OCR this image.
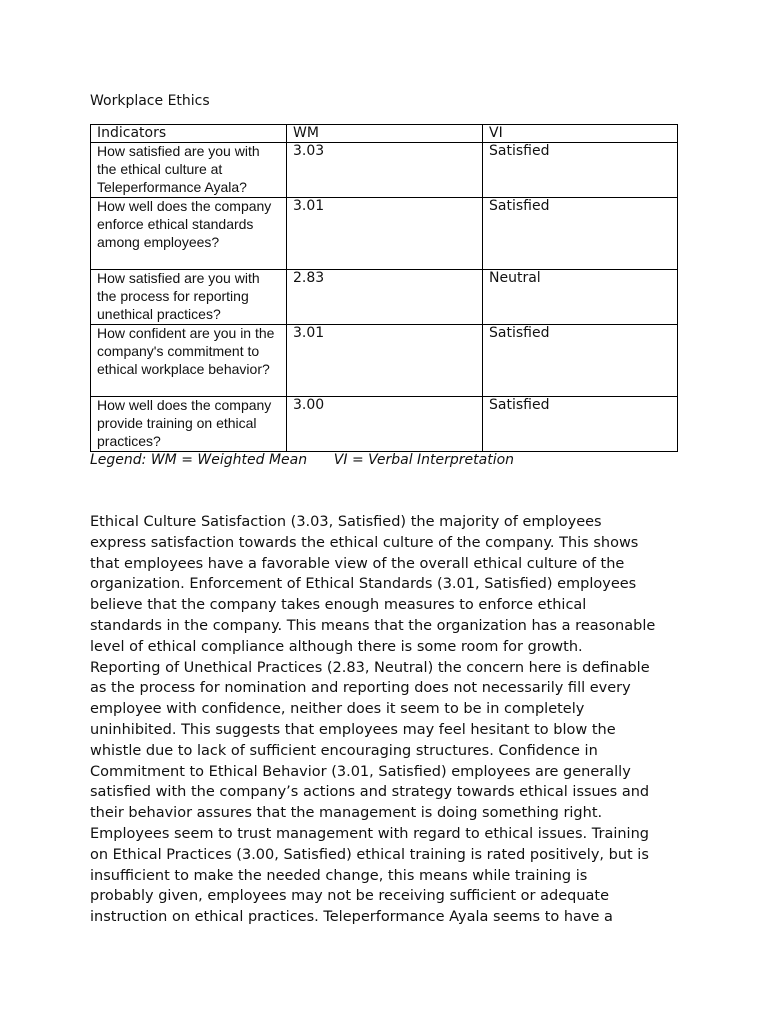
Workplace Ethics
Indicators	WM	VI
How satisfied are you with the ethical culture at Teleperformance Ayala?	3.03	Satisfied
How well does the company enforce ethical standards among employees?	3.01	Satisfied
How satisfied are you with the process for reporting unethical practices?	2.83	Neutral
How confident are you in the company's commitment to ethical workplace behavior?	3.01	Satisfied
How well does the company provide training on ethical practices?	3.00	Satisfied

Legend: WM = Weighted Mean      VI = Verbal Interpretation

Ethical Culture Satisfaction (3.03, Satisfied) the majority of employees
express satisfaction towards the ethical culture of the company. This shows
that employees have a favorable view of the overall ethical culture of the
organization. Enforcement of Ethical Standards (3.01, Satisfied) employees
believe that the company takes enough measures to enforce ethical
standards in the company. This means that the organization has a reasonable
level of ethical compliance although there is some room for growth.
Reporting of Unethical Practices (2.83, Neutral) the concern here is definable
as the process for nomination and reporting does not necessarily fill every
employee with confidence, neither does it seem to be in completely
uninhibited. This suggests that employees may feel hesitant to blow the
whistle due to lack of sufficient encouraging structures. Confidence in
Commitment to Ethical Behavior (3.01, Satisfied) employees are generally
satisfied with the company’s actions and strategy towards ethical issues and
their behavior assures that the management is doing something right.
Employees seem to trust management with regard to ethical issues. Training
on Ethical Practices (3.00, Satisfied) ethical training is rated positively, but is
insufficient to make the needed change, this means while training is
probably given, employees may not be receiving sufficient or adequate
instruction on ethical practices. Teleperformance Ayala seems to have a
